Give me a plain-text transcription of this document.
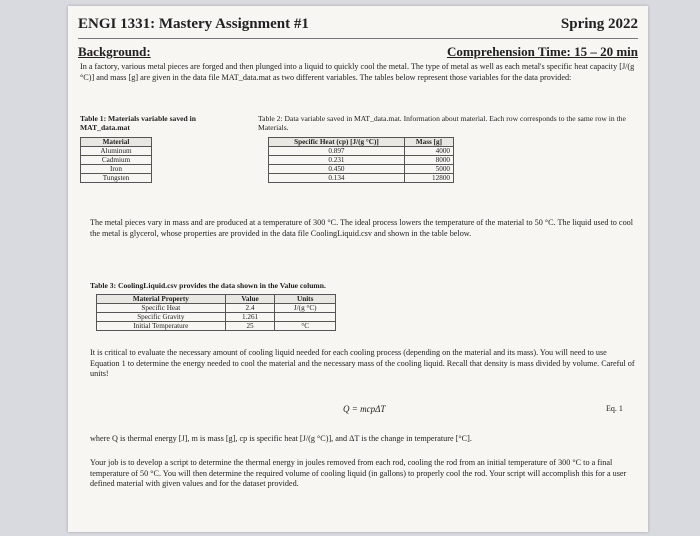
ENGI 1331: Mastery Assignment #1	Spring 2022
Background:	Comprehension Time: 15 – 20 min
In a factory, various metal pieces are forged and then plunged into a liquid to quickly cool the metal. The type of metal as well as each metal's specific heat capacity [J/(g °C)] and mass [g] are given in the data file MAT_data.mat as two different variables. The tables below represent those variables for the data provided:
Table 1: Materials variable saved in MAT_data.mat
Material
Aluminum
Cadmium
Iron
Tungsten
Table 2: Data variable saved in MAT_data.mat. Information about material. Each row corresponds to the same row in the Materials.
Specific Heat (cp) [J/(g °C)]	Mass [g]
0.897	4000
0.231	8000
0.450	5000
0.134	12800
The metal pieces vary in mass and are produced at a temperature of 300 °C. The ideal process lowers the temperature of the material to 50 °C. The liquid used to cool the metal is glycerol, whose properties are provided in the data file CoolingLiquid.csv and shown in the table below.
Table 3: CoolingLiquid.csv provides the data shown in the Value column.
Material Property	Value	Units
Specific Heat	2.4	J/(g °C)
Specific Gravity	1.261	
Initial Temperature	25	°C
It is critical to evaluate the necessary amount of cooling liquid needed for each cooling process (depending on the material and its mass). You will need to use Equation 1 to determine the energy needed to cool the material and the necessary mass of the cooling liquid. Recall that density is mass divided by volume. Careful of units!
Q = mcpΔT	Eq. 1
where Q is thermal energy [J], m is mass [g], cp is specific heat [J/(g °C)], and ΔT is the change in temperature [°C].
Your job is to develop a script to determine the thermal energy in joules removed from each rod, cooling the rod from an initial temperature of 300 °C to a final temperature of 50 °C. You will then determine the required volume of cooling liquid (in gallons) to properly cool the rod. Your script will accomplish this for a user defined material with given values and for the dataset provided.
